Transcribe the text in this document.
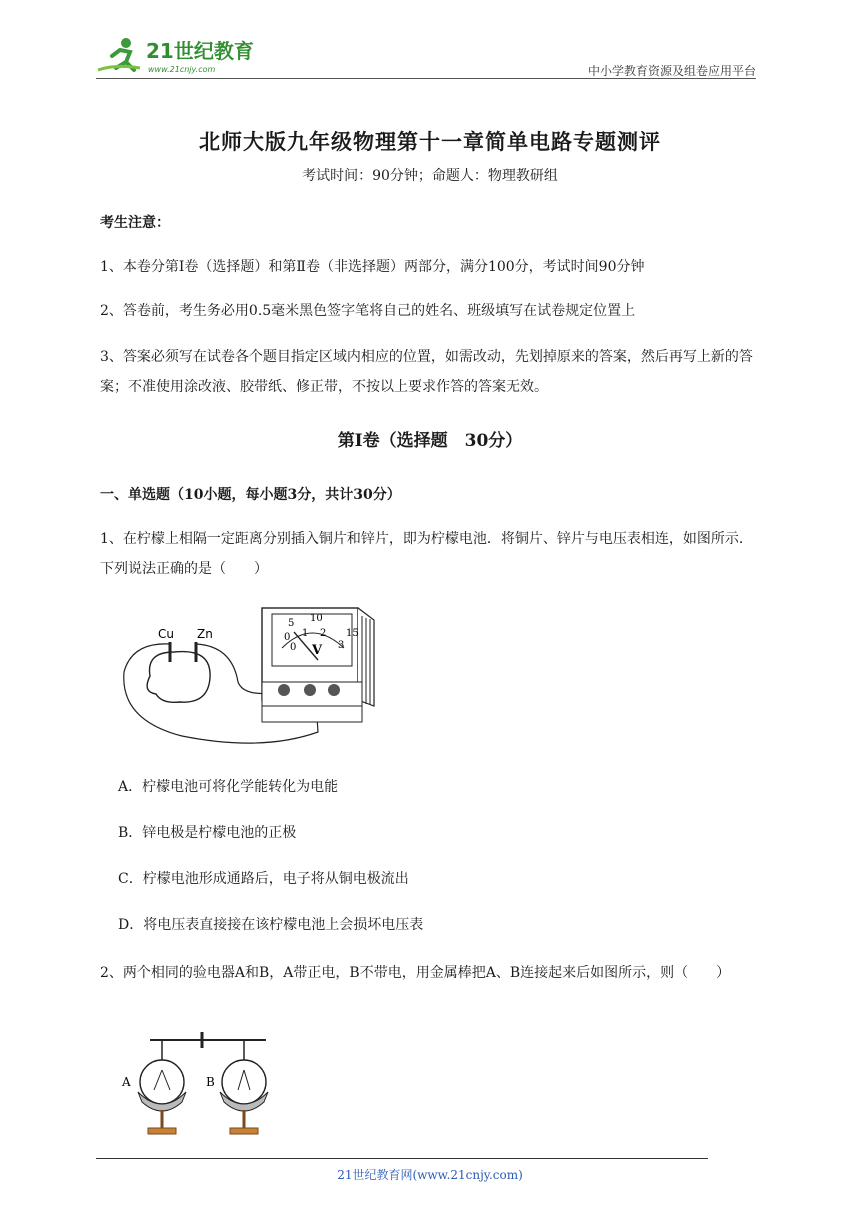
21世纪教育
www.21cnjy.com	中小学教育资源及组卷应用平台
北师大版九年级物理第十一章简单电路专题测评
考试时间：90分钟；命题人：物理教研组
考生注意：
1、本卷分第I卷（选择题）和第Ⅱ卷（非选择题）两部分，满分100分，考试时间90分钟
2、答卷前，考生务必用0.5毫米黑色签字笔将自己的姓名、班级填写在试卷规定位置上
3、答案必须写在试卷各个题目指定区域内相应的位置，如需改动，先划掉原来的答案，然后再写上新的答案；不准使用涂改液、胶带纸、修正带，不按以上要求作答的答案无效。
第I卷（选择题　30分）
一、单选题（10小题，每小题3分，共计30分）
1、在柠檬上相隔一定距离分别插入铜片和锌片，即为柠檬电池．将铜片、锌片与电压表相连，如图所示．下列说法正确的是（　　）
Cu Zn
5 10
15
0 1 2
3
0 V
A．柠檬电池可将化学能转化为电能
B．锌电极是柠檬电池的正极
C．柠檬电池形成通路后，电子将从铜电极流出
D．将电压表直接接在该柠檬电池上会损坏电压表
2、两个相同的验电器A和B，A带正电，B不带电，用金属棒把A、B连接起来后如图所示，则（　　）
A	B
21世纪教育网(www.21cnjy.com)
